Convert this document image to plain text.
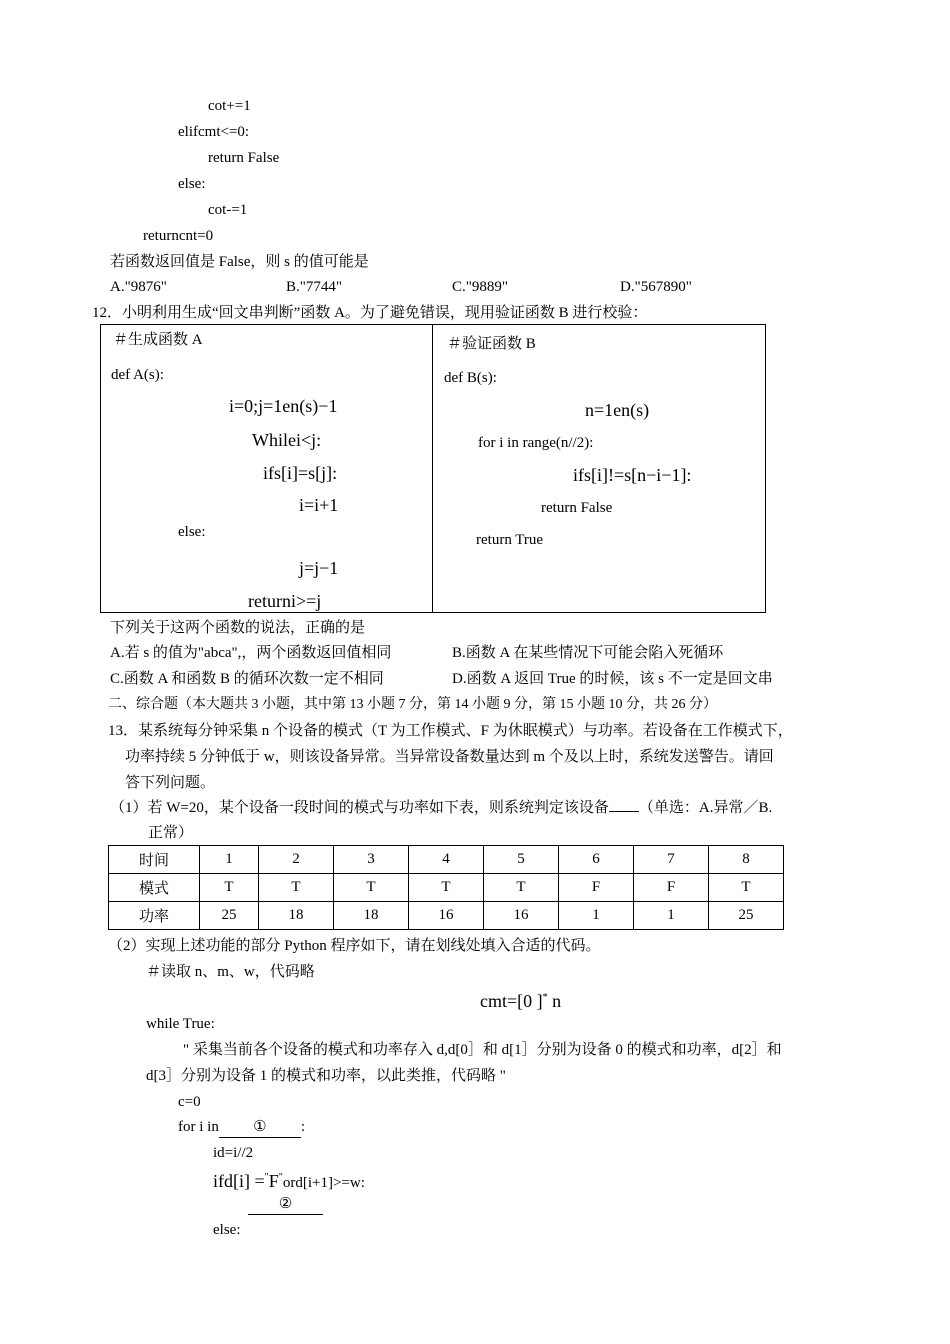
cot+=1
elifcmt<=0:
return False
else:
cot-=1
returncnt=0
若函数返回值是 False，则 s 的值可能是
A."9876"	B."7744"	C."9889"	D."567890"
12．小明利用生成“回文串判断”函数 A。为了避免错误，现用验证函数 B 进行校验：
＃生成函数 A
def A(s):
i=0;j=1en(s)−1
Whilei<j:
ifs[i]=s[j]:
i=i+1
else:
j=j−1
returni>=j
＃验证函数 B
def B(s):
n=1en(s)
for i in range(n//2):
ifs[i]!=s[n−i−1]:
return False
return True
下列关于这两个函数的说法，正确的是
A.若 s 的值为"abca",，两个函数返回值相同	B.函数 A 在某些情况下可能会陷入死循环
C.函数 A 和函数 B 的循环次数一定不相同	D.函数 A 返回 True 的时候，该 s 不一定是回文串
二、综合题（本大题共 3 小题，其中第 13 小题 7 分，第 14 小题 9 分，第 15 小题 10 分，共 26 分）
13．某系统每分钟采集 n 个设备的模式（T 为工作模式、F 为休眠模式）与功率。若设备在工作模式下，
功率持续 5 分钟低于 w，则该设备异常。当异常设备数量达到 m 个及以上时，系统发送警告。请回
答下列问题。
（1）若 W=20，某个设备一段时间的模式与功率如下表，则系统判定该设备 （单选：A.异常／B.
正常）
时间	1	2	3	4	5	6	7	8
模式	T	T	T	T	T	F	F	T
功率	25	18	18	16	16	1	1	25
（2）实现上述功能的部分 Python 程序如下，请在划线处填入合适的代码。
＃读取 n、m、w，代码略
cmt=[0 ]* n
while True:
" 采集当前各个设备的模式和功率存入 d,d[0］和 d[1］分别为设备 0 的模式和功率，d[2］和
d[3］分别为设备 1 的模式和功率，以此类推，代码略 "
c=0
for i in ① :
id=i//2
ifd[i] ="F"ord[i+1]>=w:
②
else:
